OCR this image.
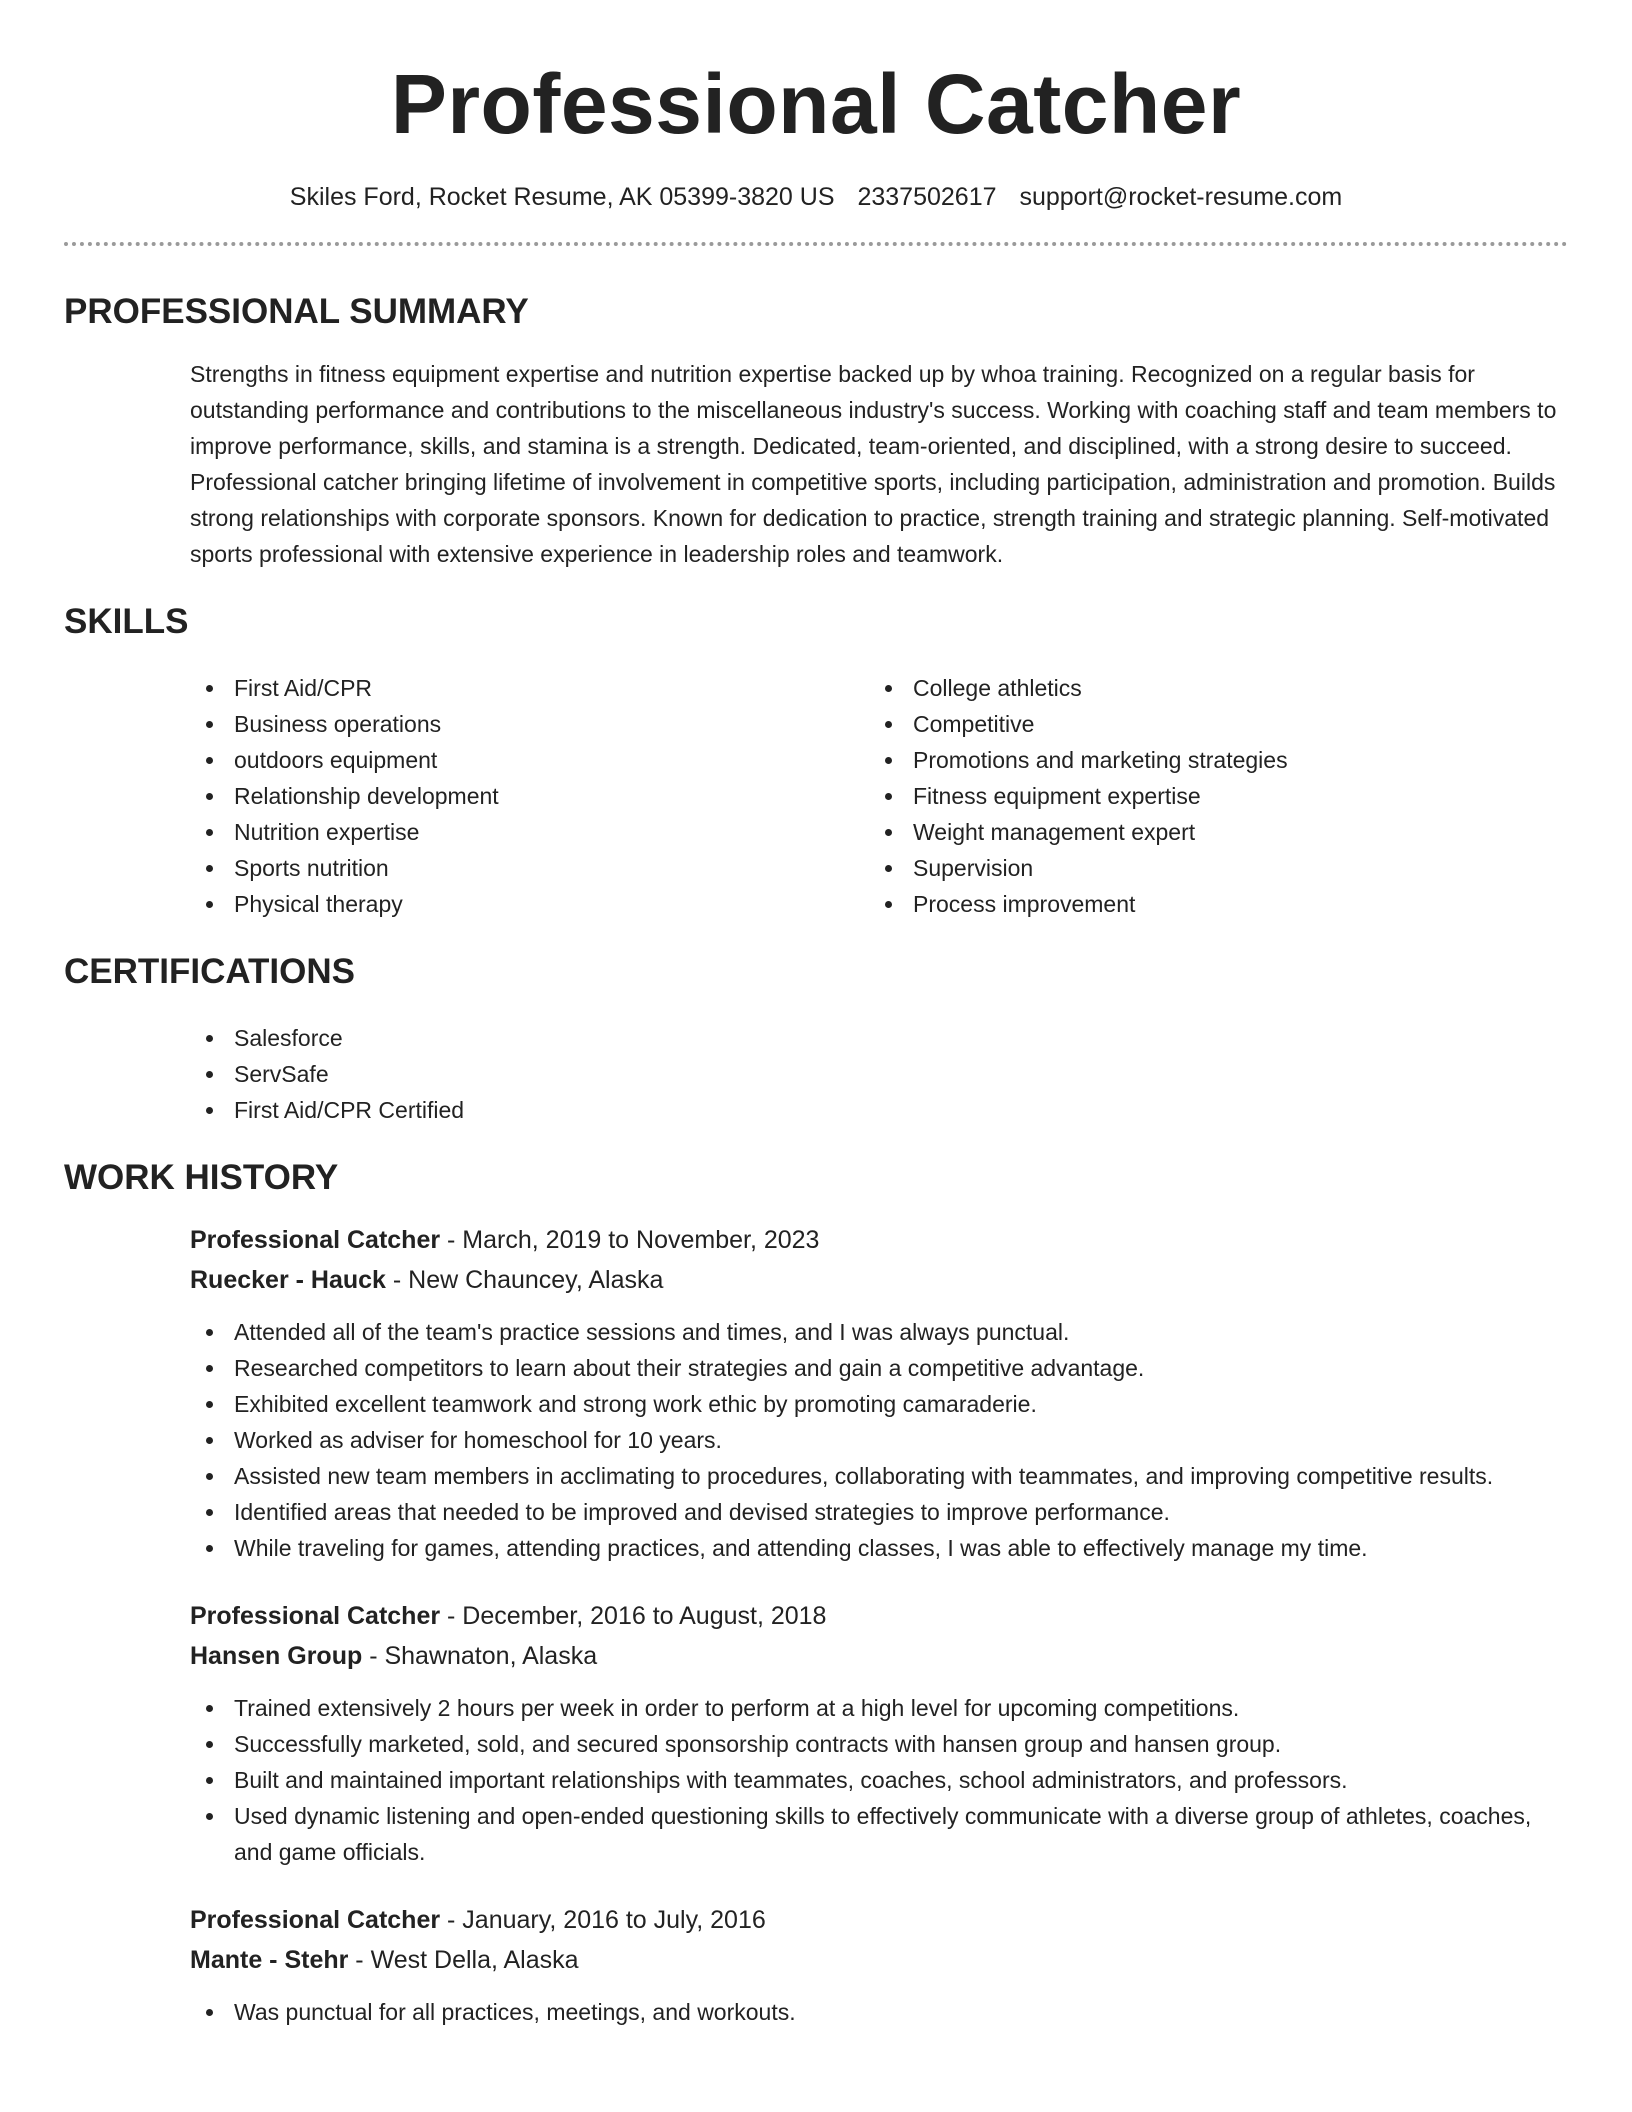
Professional Catcher
Skiles Ford, Rocket Resume, AK 05399-3820 US 2337502617 support@rocket-resume.com
PROFESSIONAL SUMMARY

Strengths in fitness equipment expertise and nutrition expertise backed up by whoa training. Recognized on a regular basis for outstanding performance and contributions to the miscellaneous industry's success. Working with coaching staff and team members to improve performance, skills, and stamina is a strength. Dedicated, team-oriented, and disciplined, with a strong desire to succeed. Professional catcher bringing lifetime of involvement in competitive sports, including participation, administration and promotion. Builds strong relationships with corporate sponsors. Known for dedication to practice, strength training and strategic planning. Self-motivated sports professional with extensive experience in leadership roles and teamwork.

SKILLS
First Aid/CPR
Business operations
outdoors equipment
Relationship development
Nutrition expertise
Sports nutrition
Physical therapy
College athletics
Competitive
Promotions and marketing strategies
Fitness equipment expertise
Weight management expert
Supervision
Process improvement
CERTIFICATIONS
Salesforce
ServSafe
First Aid/CPR Certified
WORK HISTORY
Professional Catcher - March, 2019 to November, 2023
Ruecker - Hauck - New Chauncey, Alaska
Attended all of the team's practice sessions and times, and I was always punctual.
Researched competitors to learn about their strategies and gain a competitive advantage.
Exhibited excellent teamwork and strong work ethic by promoting camaraderie.
Worked as adviser for homeschool for 10 years.
Assisted new team members in acclimating to procedures, collaborating with teammates, and improving competitive results.
Identified areas that needed to be improved and devised strategies to improve performance.
While traveling for games, attending practices, and attending classes, I was able to effectively manage my time.
Professional Catcher - December, 2016 to August, 2018
Hansen Group - Shawnaton, Alaska
Trained extensively 2 hours per week in order to perform at a high level for upcoming competitions.
Successfully marketed, sold, and secured sponsorship contracts with hansen group and hansen group.
Built and maintained important relationships with teammates, coaches, school administrators, and professors.
Used dynamic listening and open-ended questioning skills to effectively communicate with a diverse group of athletes, coaches, and game officials.
Professional Catcher - January, 2016 to July, 2016
Mante - Stehr - West Della, Alaska
Was punctual for all practices, meetings, and workouts.
